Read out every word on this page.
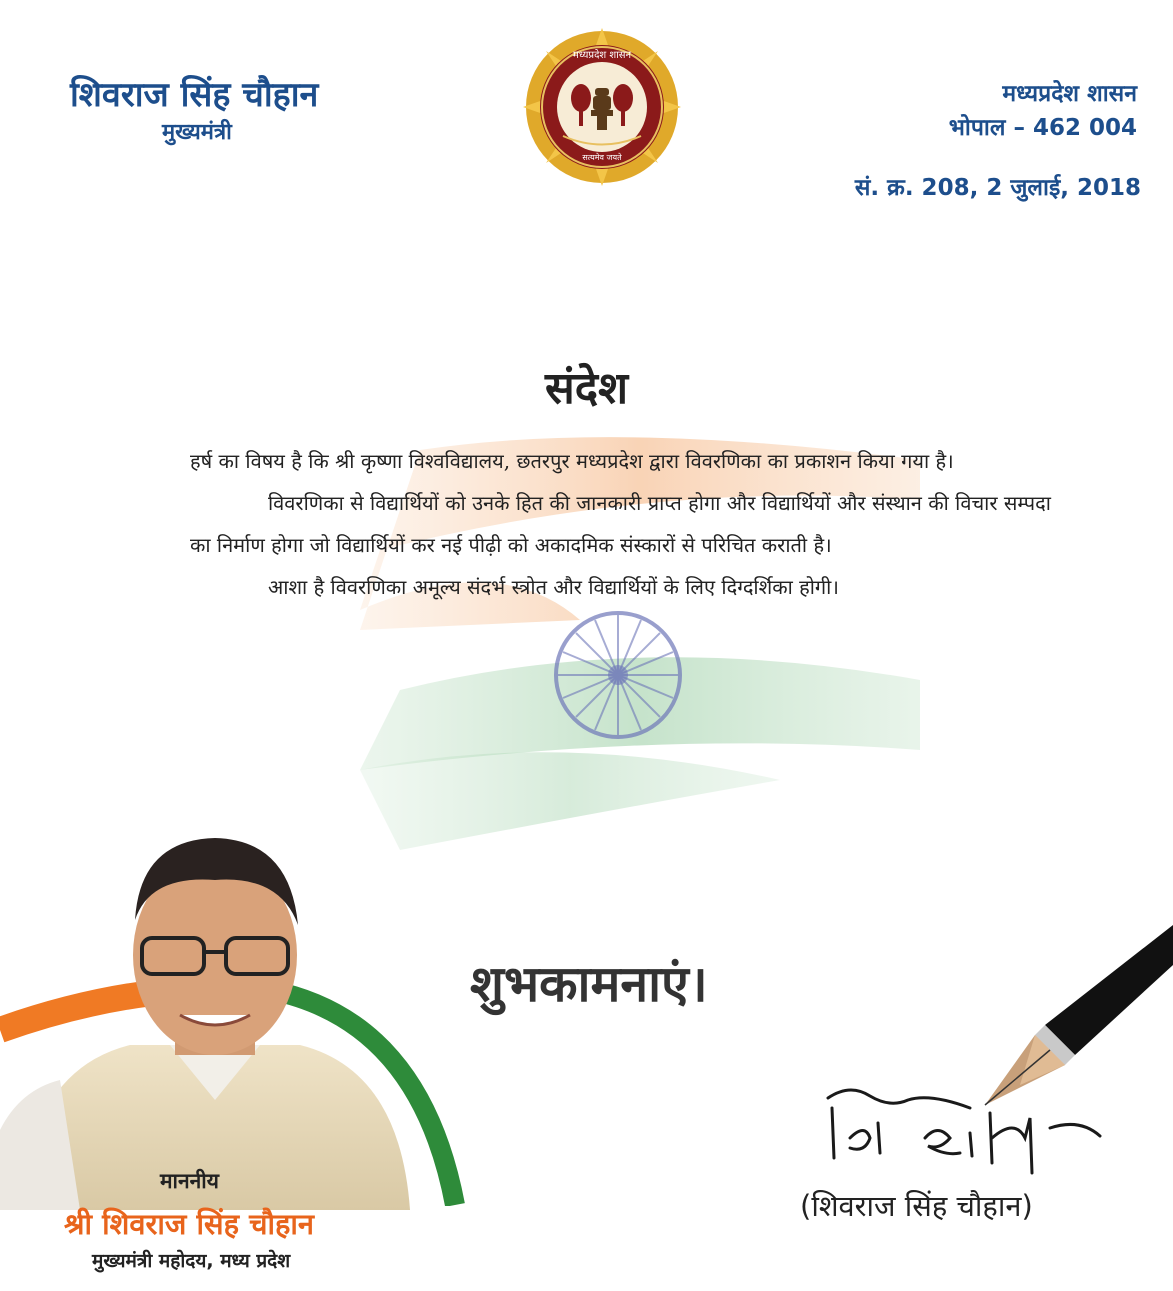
शिवराज सिंह चौहान
मुख्यमंत्री
मध्यप्रदेश शासन
सत्यमेव जयते
मध्यप्रदेश शासन
भोपाल – 462 004
सं. क्र. 208, 2 जुलाई, 2018
संदेश

हर्ष का विषय है कि श्री कृष्णा विश्वविद्यालय, छतरपुर मध्यप्रदेश द्वारा विवरणिका का प्रकाशन किया गया है।

विवरणिका से विद्यार्थियों को उनके हित की जानकारी प्राप्त होगा और विद्यार्थियों और संस्थान की विचार सम्पदा का निर्माण होगा जो विद्यार्थियों कर नई पीढ़ी को अकादमिक संस्कारों से परिचित कराती है।

आशा है विवरणिका अमूल्य संदर्भ स्त्रोत और विद्यार्थियों के लिए दिग्दर्शिका होगी।

शुभकामनाएं।
माननीय
श्री शिवराज सिंह चौहान
मुख्यमंत्री महोदय, मध्य प्रदेश
(शिवराज सिंह चौहान)
